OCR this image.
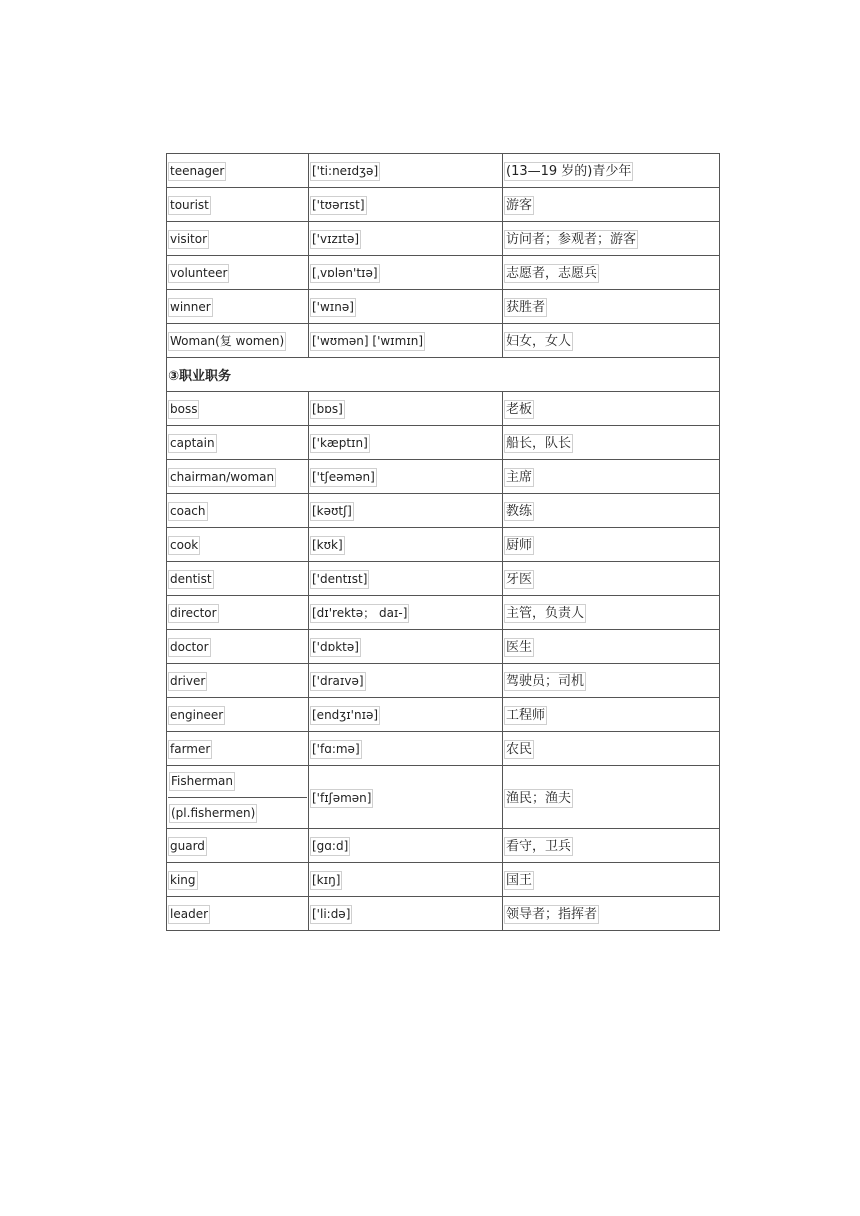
teenager	['ti:neɪdʒə]	(13—19 岁的)青少年
tourist	['tʊərɪst]	游客
visitor	['vɪzɪtə]	访问者；参观者；游客
volunteer	[ˌvɒlən'tɪə]	志愿者，志愿兵
winner	['wɪnə]	获胜者
Woman(复 women)	['wʊmən] ['wɪmɪn]	妇女，女人
③职业职务		
boss	[bɒs]	老板
captain	['kæptɪn]	船长，队长
chairman/woman	['tʃeəmən]	主席
coach	[kəʊtʃ]	教练
cook	[kʊk]	厨师
dentist	['dentɪst]	牙医
director	[dɪ'rektə； daɪ-]	主管，负责人
doctor	['dɒktə]	医生
driver	['draɪvə]	驾驶员；司机
engineer	[endʒɪ'nɪə]	工程师
farmer	['fɑ:mə]	农民

Fisherman
(pl.fishermen)	['fɪʃəmən]	渔民；渔夫
guard	[gɑ:d]	看守，卫兵
king	[kɪŋ]	国王
leader	['li:də]	领导者；指挥者
